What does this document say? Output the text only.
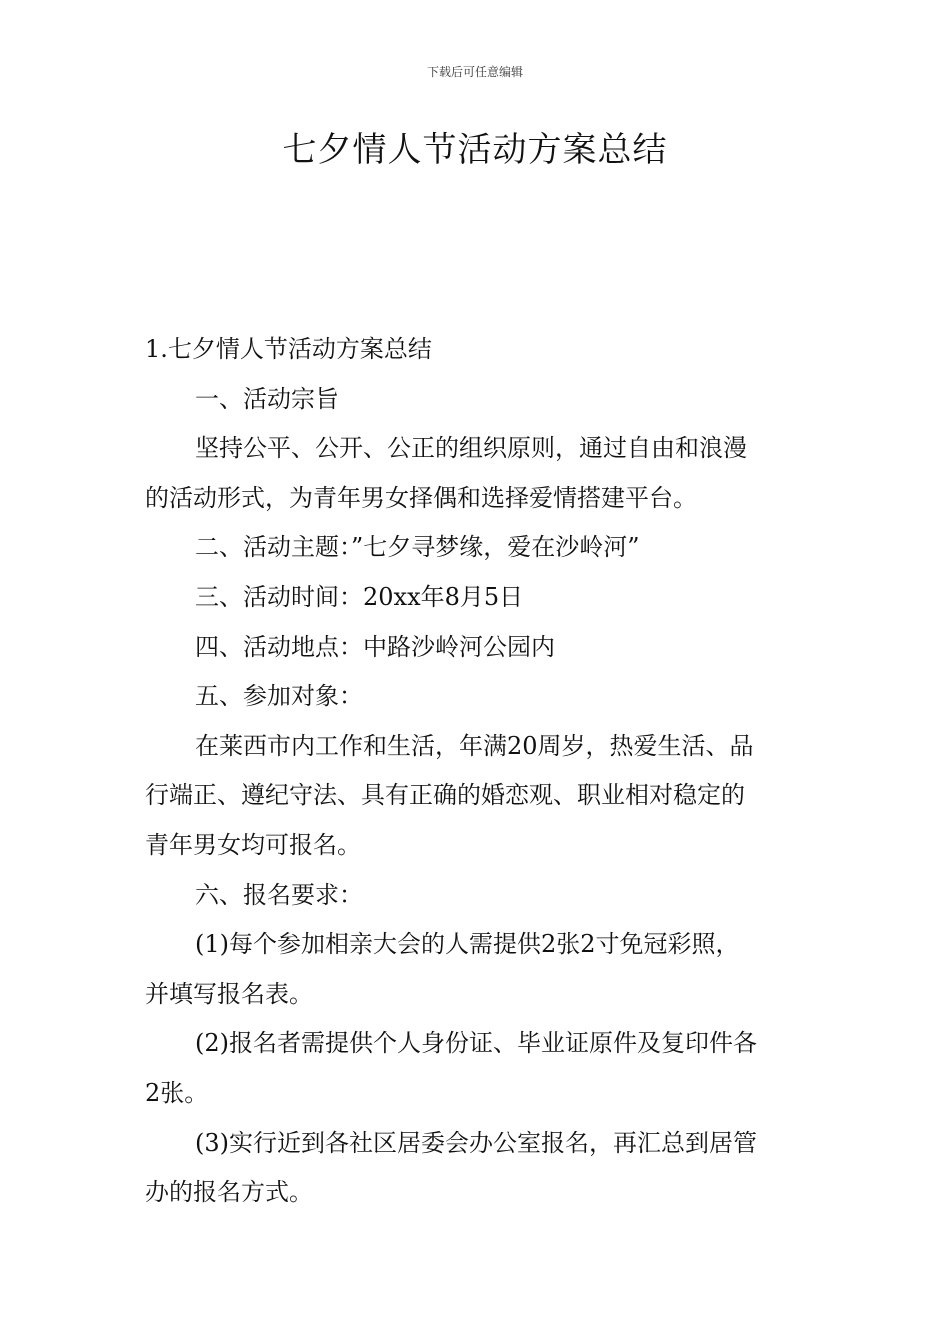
下载后可任意编辑
七夕情人节活动方案总结

1.七夕情人节活动方案总结

一、活动宗旨

坚持公平、公开、公正的组织原则，通过自由和浪漫

的活动形式，为青年男女择偶和选择爱情搭建平台。

二、活动主题：”七夕寻梦缘，爱在沙岭河”

三、活动时间：20xx年8月5日

四、活动地点：中路沙岭河公园内

五、参加对象：

在莱西市内工作和生活，年满20周岁，热爱生活、品

行端正、遵纪守法、具有正确的婚恋观、职业相对稳定的

青年男女均可报名。

六、报名要求：

(1)每个参加相亲大会的人需提供2张2寸免冠彩照，

并填写报名表。

(2)报名者需提供个人身份证、毕业证原件及复印件各

2张。

(3)实行近到各社区居委会办公室报名，再汇总到居管

办的报名方式。
